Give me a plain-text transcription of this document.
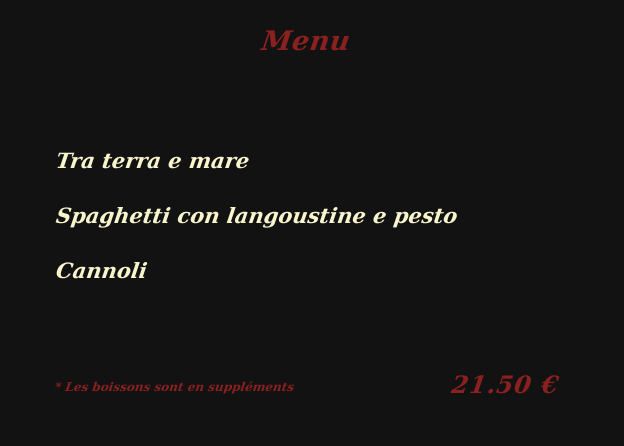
Menu
Tra terra e mare
Spaghetti con langoustine e pesto
Cannoli
* Les boissons sont en suppléments	21.50 €
